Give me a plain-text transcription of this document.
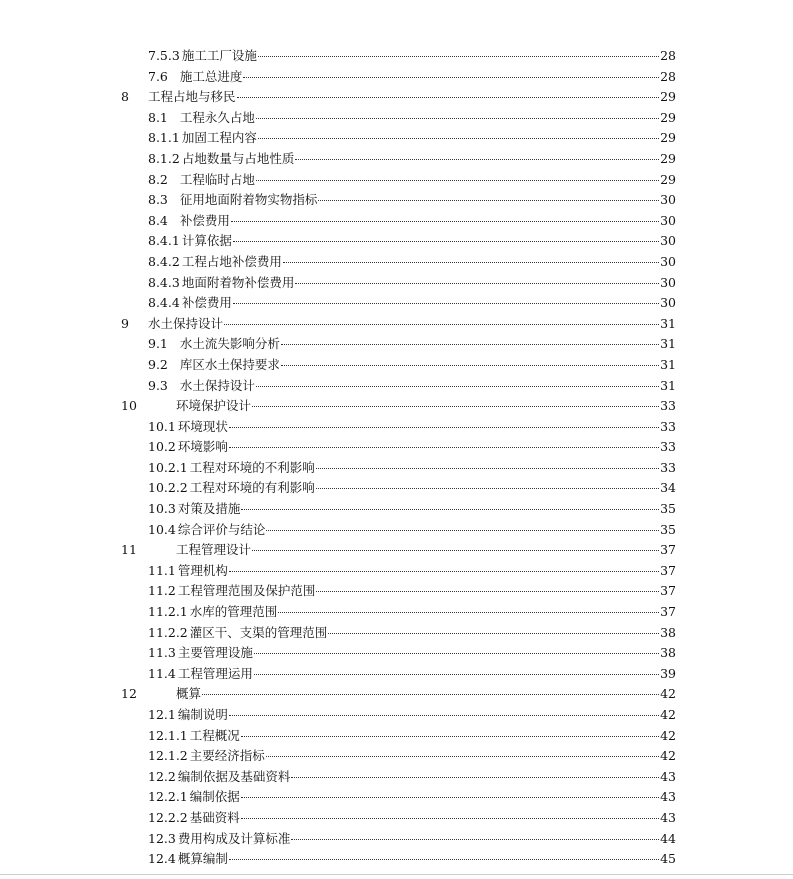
7.5.3 施工工厂设施	28
7.6 施工总进度	28
8 工程占地与移民	29
8.1 工程永久占地	29
8.1.1 加固工程内容	29
8.1.2 占地数量与占地性质	29
8.2 工程临时占地	29
8.3 征用地面附着物实物指标	30
8.4 补偿费用	30
8.4.1 计算依据	30
8.4.2 工程占地补偿费用	30
8.4.3 地面附着物补偿费用	30
8.4.4 补偿费用	30
9 水土保持设计	31
9.1 水土流失影响分析	31
9.2 库区水土保持要求	31
9.3 水土保持设计	31
10	环境保护设计	33
10.1 环境现状	33
10.2 环境影响	33
10.2.1 工程对环境的不利影响	33
10.2.2 工程对环境的有利影响	34
10.3 对策及措施	35
10.4 综合评价与结论	35
11	工程管理设计	37
11.1 管理机构	37
11.2 工程管理范围及保护范围	37
11.2.1 水库的管理范围	37
11.2.2 灌区干、支渠的管理范围	38
11.3 主要管理设施	38
11.4 工程管理运用	39
12	概算	42
12.1 编制说明	42
12.1.1 工程概况	42
12.1.2 主要经济指标	42
12.2 编制依据及基础资料	43
12.2.1 编制依据	43
12.2.2 基础资料	43
12.3 费用构成及计算标准	44
12.4 概算编制	45
